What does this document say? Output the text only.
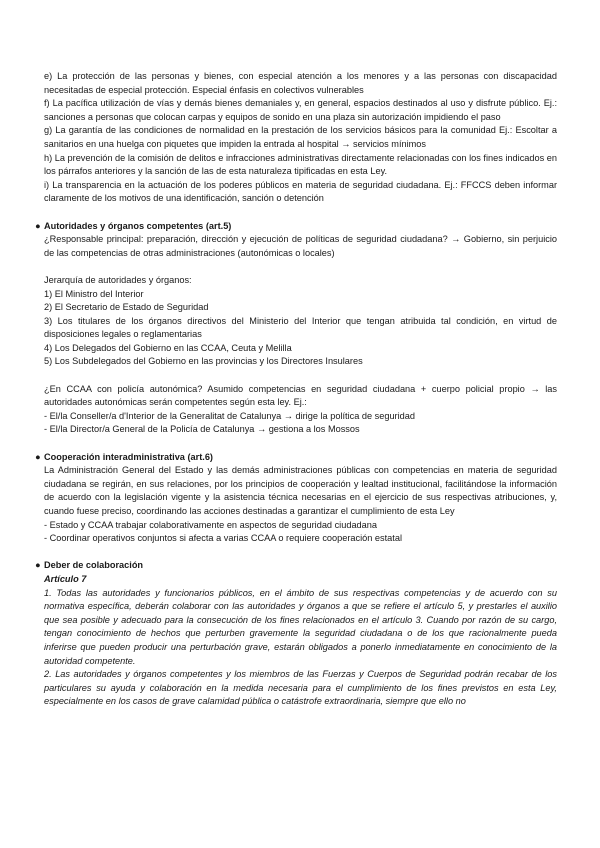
e) La protección de las personas y bienes, con especial atención a los menores y a las personas con discapacidad necesitadas de especial protección. Especial énfasis en colectivos vulnerables

f) La pacífica utilización de vías y demás bienes demaniales y, en general, espacios destinados al uso y disfrute público. Ej.: sanciones a personas que colocan carpas y equipos de sonido en una plaza sin autorización impidiendo el paso

g) La garantía de las condiciones de normalidad en la prestación de los servicios básicos para la comunidad Ej.: Escoltar a sanitarios en una huelga con piquetes que impiden la entrada al hospital → servicios mínimos

h) La prevención de la comisión de delitos e infracciones administrativas directamente relacionadas con los fines indicados en los párrafos anteriores y la sanción de las de esta naturaleza tipificadas en esta Ley.

i) La transparencia en la actuación de los poderes públicos en materia de seguridad ciudadana. Ej.: FFCCS deben informar claramente de los motivos de una identificación, sanción o detención

● Autoridades y órganos competentes (art.5)

¿Responsable principal: preparación, dirección y ejecución de políticas de seguridad ciudadana? → Gobierno, sin perjuicio de las competencias de otras administraciones (autonómicas o locales)

Jerarquía de autoridades y órganos:

1) El Ministro del Interior

2) El Secretario de Estado de Seguridad

3) Los titulares de los órganos directivos del Ministerio del Interior que tengan atribuida tal condición, en virtud de disposiciones legales o reglamentarias

4) Los Delegados del Gobierno en las CCAA, Ceuta y Melilla

5) Los Subdelegados del Gobierno en las provincias y los Directores Insulares

¿En CCAA con policía autonómica? Asumido competencias en seguridad ciudadana + cuerpo policial propio → las autoridades autonómicas serán competentes según esta ley. Ej.:

- El/la Conseller/a d'Interior de la Generalitat de Catalunya → dirige la política de seguridad

- El/la Director/a General de la Policía de Catalunya → gestiona a los Mossos

● Cooperación interadministrativa (art.6)

La Administración General del Estado y las demás administraciones públicas con competencias en materia de seguridad ciudadana se regirán, en sus relaciones, por los principios de cooperación y lealtad institucional, facilitándose la información de acuerdo con la legislación vigente y la asistencia técnica necesarias en el ejercicio de sus respectivas atribuciones, y, cuando fuese preciso, coordinando las acciones destinadas a garantizar el cumplimiento de esta Ley

- Estado y CCAA trabajar colaborativamente en aspectos de seguridad ciudadana

- Coordinar operativos conjuntos si afecta a varias CCAA o requiere cooperación estatal

● Deber de colaboración

Artículo 7

1. Todas las autoridades y funcionarios públicos, en el ámbito de sus respectivas competencias y de acuerdo con su normativa específica, deberán colaborar con las autoridades y órganos a que se refiere el artículo 5, y prestarles el auxilio que sea posible y adecuado para la consecución de los fines relacionados en el artículo 3. Cuando por razón de su cargo, tengan conocimiento de hechos que perturben gravemente la seguridad ciudadana o de los que racionalmente pueda inferirse que pueden producir una perturbación grave, estarán obligados a ponerlo inmediatamente en conocimiento de la autoridad competente.

2. Las autoridades y órganos competentes y los miembros de las Fuerzas y Cuerpos de Seguridad podrán recabar de los particulares su ayuda y colaboración en la medida necesaria para el cumplimiento de los fines previstos en esta Ley, especialmente en los casos de grave calamidad pública o catástrofe extraordinaria, siempre que ello no
